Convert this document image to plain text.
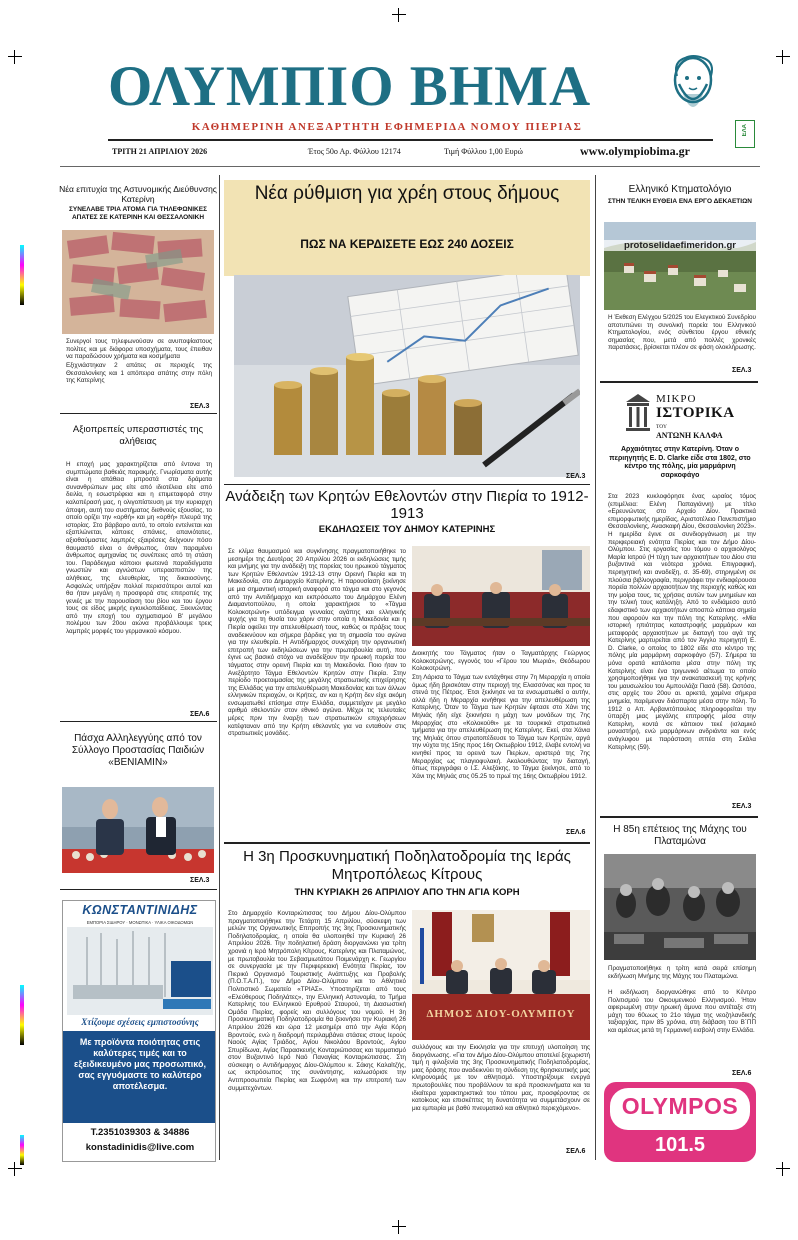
ΟΛΥΜΠΙΟ ΒΗΜΑ
ΕΛΑ
ΚΑΘΗΜΕΡΙΝΗ ΑΝΕΞΑΡΤΗΤΗ ΕΦΗΜΕΡΙΔΑ ΝΟΜΟΥ ΠΙΕΡΙΑΣ
ΤΡΙΤΗ 21 ΑΠΡΙΛΙΟΥ 2026	Έτος 50ο Αρ. Φύλλου 12174	Τιμή Φύλλου 1,00 Ευρώ	www.olympiobima.gr
Νέα επιτυχία της Αστυνομικής Διεύθυνσης Κατερίνη
ΣΥΝΕΛΑΒΕ ΤΡΙΑ ΑΤΟΜΑ ΓΙΑ ΤΗΛΕΦΩΝΙΚΕΣ ΑΠΑΤΕΣ ΣΕ ΚΑΤΕΡΙΝΗ ΚΑΙ ΘΕΣΣΑΛΟΝΙΚΗ
Συνεργοί τους τηλεφωνούσαν σε ανυποψίαστους πολίτες και με διάφορα υποσχήματα, τους έπειθαν να παραδώσουν χρήματα και κοσμήματα
Εξιχνιάστηκαν 2 απάτες σε περιοχές της Θεσσαλονίκης και 1 απόπειρα απάτης στην πόλη της Κατερίνης
ΣΕΛ.3
Αξιοπρεπείς υπερασπιστές της αλήθειας
Η εποχή μας χαρακτηρίζεται από έντονα τη συμπτώματα βαθειάς παρακμής. Γνωρίσματα αυτής είναι η απάθεια μπροστά στα δράματα συνανθρώπων μας είτε από ιδιοτέλεια είτε από δειλία, η εσωστρέφεια και η επιμεταφορά στην καλοπέρασή μας, η ολιγοπίστευση με την κυριαρχη άποψη, αυτή του συστήματος διεθνούς εξουσίας, το οποίο ορίζει την «ορθή» και μη «ορθή» πλευρά της ιστορίας. Στο βάρβαρο αυτό, το οποίο εντείνεται και εξαπλώνεται, κάποιες σπάνιες, απανιότατες, αξιοθαύμαστες λαμπρές εξαιρέσεις δείχνουν πόσο θαυμαστό είναι ο άνθρωπος, όταν παραμένει άνθρωπος αμηχανίας τις συνέπειες από τη στάση του. Παράδειγμα κάποιοι φωτεινά παραδείγματα γνωστών και αγνώστων υπερασπιστών της αλήθειας, της ελευθερίας, της δικαιοσύνης. Ασφαλώς υπήρξαν πολλοί περισσότεροι αυτοί και θα ήταν μεγάλη η προσφορά στις επιτροπές της γενιές με την παρουσίαση του βίου και του έργου τους σε είδος μικρής εγκυκλοπαίδειας. Ξεκινώντας από την εποχή του σχηματισμού Β' μεγάλου πολέμου των 20ου αιώνα προβάλλουμε τρεις λαμπρές μορφές του γερμανικού κόσμου.
ΣΕΛ.6
Πάσχα Αλληλεγγύης από τον Σύλλογο Προστασίας Παιδιών «ΒΕΝΙΑΜΙΝ»
ΣΕΛ.3
ΚΩΝΣΤΑΝΤΙΝΙΔΗΣ
ΕΜΠΟΡΙΑ ΣΙΔΗΡΟΥ · ΜΟΝΩΤΙΚΑ · ΥΛΙΚΑ ΟΙΚΟΔΟΜΩΝ
Χτίζουμε σχέσεις εμπιστοσύνης
Με προϊόντα ποιότητας στις καλύτερες τιμές και το εξειδικευμένο μας προσωπικό, σας εγγυόμαστε το καλύτερο αποτέλεσμα.
T.2351039303 & 34886
konstadinidis@live.com
Νέα ρύθμιση για χρέη στους δήμους
ΠΩΣ ΝΑ ΚΕΡΔΙΣΕΤΕ ΕΩΣ 240 ΔΟΣΕΙΣ
ΣΕΛ.3
Ανάδειξη των Κρητών Εθελοντών στην Πιερία το 1912-1913
ΕΚΔΗΛΩΣΕΙΣ ΤΟΥ ΔΗΜΟΥ ΚΑΤΕΡΙΝΗΣ
Σε κλίμα θαυμασμού και συγκίνησης πραγματοποιήθηκε το μεσημέρι της Δευτέρας 20 Απριλίου 2026 οι εκδηλώσεις τιμής και μνήμης για την ανάδειξη της πορείας του ηρωικού τάγματος των Κρητών Εθελοντών 1912-13 στην Ορεινή Πιερία και τη Μακεδονία, στο Δημαρχείο Κατερίνης. Η παρουσίαση ξεκίνησε με μια σημαντική ιστορική αναφορά στο τάγμα και στο γεγονός από την Αντιδήμαρχο και εκπρόσωπο του Δημάρχου Ελένη Διαμαντοπούλου, η οποία χαρακτήρισε το «Τάγμα Κολοκοτρώνη» υπόδειγμα γενναίας αγάπης και ελληνικής ψυχής για τη θυσία του χάριν στην οποία η Μακεδονία και η Πιερία οφείλει την απελευθέρωσή τους, καθώς οι πράξεις τους αναδεικνύουν και σήμερα βάρδιες για τη σημασία του αγώνα για την ελευθερία. Η Αντιδήμαρχος συνεχάρη την οργανωτική επιτροπή των εκδηλώσεων για την πρωτοβουλία αυτή, που έγινε ως βασικό στόχο να αναδείξουν την ηρωική πορεία του τάγματος στην ορεινή Πιερία και τη Μακεδονία. Ποιο ήταν το Ανεξάρτητο Τάγμα Εθελοντών Κρητών στην Πιερία. Στην περίοδο προετοιμασίας της μεγάλης στρατιωτικής επιχείρησης της Ελλάδας για την απελευθέρωση Μακεδονίας και των άλλων ελληνικών περιοχών, οι Κρήτες, αν και η Κρήτη δεν είχε ακόμη ενσωματωθεί επίσημα στην Ελλάδα, συμμετείχαν με μεγάλο αριθμό εθελοντών στον εθνικό αγώνα. Μέχρι τις τελευταίες μέρες πριν την έναρξη των στρατιωτικών επιχειρήσεων κατέφταναν από την Κρήτη εθελοντές για να ενταθούν στις στρατιωτικές μονάδες.
Διοικητής του Τάγματος ήταν ο Ταγματάρχης Γεώργιος Κολοκοτρώνης, εγγονός του «Γέρου του Μωριά», Θεόδωρου Κολοκοτρώνη.
Στη Λάρισα το Τάγμα των εντάχθηκε στην 7η Μεραρχία η οποία όμως ήδη βρισκόταν στην περιοχή της Ελασσόνας και προς τα στενά της Πέτρας. Έτσι ξεκίνησε να τα ενσωματωθεί ο αυτήν, αλλά ήδη η Μεραρχία κινήθηκε για την απελευθέρωση της Κατερίνης. Όταν το Τάγμα των Κρητών έφτασε στο Χάνι της Μηλιάς ήδη είχε ξεκινήσει η μάχη των μονάδων της 7ης Μεραρχίας στο «Κολοκούθι» με τα τουρκικά στρατιωτικά τμήματα για την απελευθέρωση της Κατερίνης. Εκεί, στα Χάνια της Μηλιάς όπου στρατοπέδευσε το Τάγμα των Κρητών, αργά την νύχτα της 15ης προς 16η Οκτωβρίου 1912, έλαβε εντολή να κινηθεί προς τα ορεινά των Πιερίων, αριστερά της 7ης Μεραρχίας ως πλαγιοφυλακή. Ακολουθώντας την διαταγή, όπως περιγράφει ο Ι.Σ. Αλεξάκης, το Τάγμα ξεκίνησε, από το Χάνι της Μηλιάς στις 05.25 το πρωί της 16ης Οκτωβρίου 1912.
ΣΕΛ.6
Η 3η Προσκυνηματική Ποδηλατοδρομία της Ιεράς Μητροπόλεως Κίτρους
ΤΗΝ ΚΥΡΙΑΚΗ 26 ΑΠΡΙΛΙΟΥ ΑΠΟ ΤΗΝ ΑΓΙΑ ΚΟΡΗ
Στο Δημαρχείο Κονταριώτισσας του Δήμου Δίου-Ολύμπου πραγματοποιήθηκε την Τετάρτη 15 Απριλίου, σύσκεψη των μελών της Οργανωτικής Επιτροπής της 3ης Προσκυνηματικής Ποδηλατοδρομίας, η οποία θα υλοποιηθεί την Κυριακή 26 Απριλίου 2026. Την ποδηλατική δράση διοργανώνει για τρίτη χρονιά η Ιερά Μητρόπολη Κίτρους, Κατερίνης και Πλαταμώνος, με πρωτοβουλία του Σεβασμιωτάτου Ποιμενάρχη κ. Γεωργίου σε συνεργασία με την Περιφερειακή Ενότητα Πιερίας, τον Πιερικό Οργανισμό Τουριστικής Ανάπτυξης και Προβολής (Π.Ο.Τ.Α.Π.), τον Δήμο Δίου-Ολύμπου και το Αθλητικό Πολιτιστικό Σωματείο «ΤΡΙΑΣ». Υποστηρίζεται από τους «Ελεύθερους Ποδηλάτες», την Ελληνική Αστυνομία, το Τμήμα Κατερίνης του Ελληνικού Ερυθρού Σταυρού, τη Διασωστική Ομάδα Πιερίας, φορείς και συλλόγους του νομού. Η 3η Προσκυνηματική Ποδηλατοδρομία θα ξεκινήσει την Κυριακή 26 Απριλίου 2026 και ώρα 12 μεσημέρι από την Αγία Κόρη Βροντούς, ενώ η διαδρομή περιλαμβάνει στάσεις στους Ιερούς Ναούς Αγίας Τριάδος, Αγίου Νικολάου Βροντούς, Αγίου Σπυρίδωνα, Αγίας Παρασκευής Κονταριώτισσας και τερματισμό στον Βυζαντινό Ιερό Ναό Παναγίας Κονταριώτισσας. Στη σύσκεψη ο Αντιδήμαρχος Δίου-Ολύμπου κ. Σάκης Καλαϊτζής, ως εκπρόσωπος της συνάντησης, καλωσόρισε την Αντιπροσωπεία Πιερίας και Σωφρόνη και την επιτροπή των συμμετεχόντων.
ΔΗΜΟΣ ΔΙΟΥ-ΟΛΥΜΠΟΥ
συλλόγους και την Εκκλησία για την επιτυχή υλοποίηση της διοργάνωσης. «Για τον Δήμο Δίου-Ολύμπου αποτελεί ξεχωριστή τιμή η φιλοξενία της 3ης Προσκυνηματικής Ποδηλατοδρομίας, μιας δράσης που αναδεικνύει τη σύνδεση της θρησκευτικής μας κληρονομιάς με τον αθλητισμό. Υποστηρίζουμε ενεργά πρωτοβουλίες που προβάλλουν τα ιερά προσκυνήματα και τα ιδιαίτερα χαρακτηριστικά του τόπου μας, προσφέροντας σε κατοίκους και επισκέπτες τη δυνατότητα να συμμετάσχουν σε μια εμπειρία με βαθύ πνευματικό και αθλητικό περιεχόμενο».
ΣΕΛ.6
Ελληνικό Κτηματολόγιο
ΣΤΗΝ ΤΕΛΙΚΗ ΕΥΘΕΙΑ ΕΝΑ ΕΡΓΟ ΔΕΚΑΕΤΙΩΝ
protoselidaefimeridon.gr
Η Έκθεση Ελέγχου 5/2025 του Ελεγκτικού Συνεδρίου αποτυπώνει τη συνολική πορεία του Ελληνικού Κτηματολογίου, ενός σύνθετου έργου εθνικής σημασίας που, μετά από πολλές χρονικές παρατάσεις, βρίσκεται πλέον σε φάση ολοκλήρωσης.
ΣΕΛ.3
ΜΙΚΡΟ
ΙΣΤΟΡΙΚΑ
ΤΟΥ
ΑΝΤΩΝΗ ΚΑΛΦΑ
Αρχαιότητες στην Κατερίνη. Όταν ο περιηγητής E. D. Clarke είδε στα 1802, στο κέντρο της πόλης, μία μαρμάρινη σαρκοφάγο
Στα 2023 κυκλοφόρησε ένας ωραίος τόμος (επιμέλεια: Ελένη Παπαγιάννη) με τίτλο «Ερευνώντας στο Αρχαίο Δίον. Πρακτικά επιμορφωτικής ημερίδας, Αριστοτέλειο Πανεπιστήμιο Θεσσαλονίκης, Ανασκαφή Δίου, Θεσσαλονίκη 2023». Η ημερίδα έγινε σε συνδιοργάνωση με την περιφερειακή ενότητα Πιερίας και τον Δήμο Δίου-Ολύμπου. Στις εργασίες του τόμου ο αρχαιολόγος Μαρία Ιατρού (Η τύχη των αρχαιοτήτων του Δίου στα βυζαντινά και νεότερα χρόνια. Επιγραφική, περιηγητική και αναδείξη, σ. 35-69), στηριγμένη σε πλούσια βιβλιογραφία, περιγράφει την ενδιαφέρουσα πορεία πολλών αρχαιοτήτων της περιοχής καθώς και την μοίρα τους, τις χρήσεις αυτών των μνημείων και την τελική τους κατάληξη. Από το ενδιάμεσο αυτό εδαφιστικό των αρχαιοτήτων αποσπώ κάποια σημεία που αφορούν και την πόλη της Κατερίνης. «Μία ιστορική ηπιότητας καταστροφής μαρμάρων και μεταφοράς αρχαιοτήτων με διαταγή του αγά της Κατερίνης μαρτυρείται από τον Άγγλο περιηγητή E. D. Clarke, ο οποίος το 1802 είδε στο κέντρο της πόλης μία μαρμάρινη σαρκοφάγο (57). Σήμερα τα μόνα ορατά κατάλοιπα μέσα στην πόλη της Κατερίνης είναι ένα τριγωνικό αέτωμα το οποίο χρησιμοποιήθηκε για την ανακατασκευή της κρήνης του μαυσωλείου του Αμπουλάζα Πασά (58). Ωστόσο, στις αρχές του 20ου αι. αρκετά, χαμένα σήμερα μνημεία, παρέμεναν διάσπαρτα μέσα στην πόλη. Το 1912 ο Απ. Αρβανιτόπουλος πληροφορείται την ύπαρξη μιας μεγάλης επιτροφής μέσα στην Κατερίνη, κοντά σε κάποιον τεκέ (ισλαμικό μοναστήρι), ενώ μαρμάρινων ανδριάντα και ενός ανάγλυφου με παράσταση ιππέα στη Σκάλα Κατερίνης (59).
ΣΕΛ.3
Η 85η επέτειος της Μάχης του Πλαταμώνα
Πραγματοποιήθηκε η τρίτη κατά σειρά επίσημη εκδήλωση Μνήμης της Μάχης του Πλαταμώνα.
Η εκδήλωση διοργανώθηκε από το Κέντρο Πολιτισμού του Οικουμενικού Ελληνισμού. Ήταν αφιερωμένη στην ηρωική άμυνα που αντέταξε στη μάχη του 60ωως το 21ο τάγμα της νεοζηλανδικής ταξιαρχίας, πριν 85 χρόνια, στη διάβαση του Β΄ΠΠ και αμέσως μετά τη Γερμανική εισβολή στην Ελλάδα.
ΣΕΛ.6
OLYMPOS
101.5
